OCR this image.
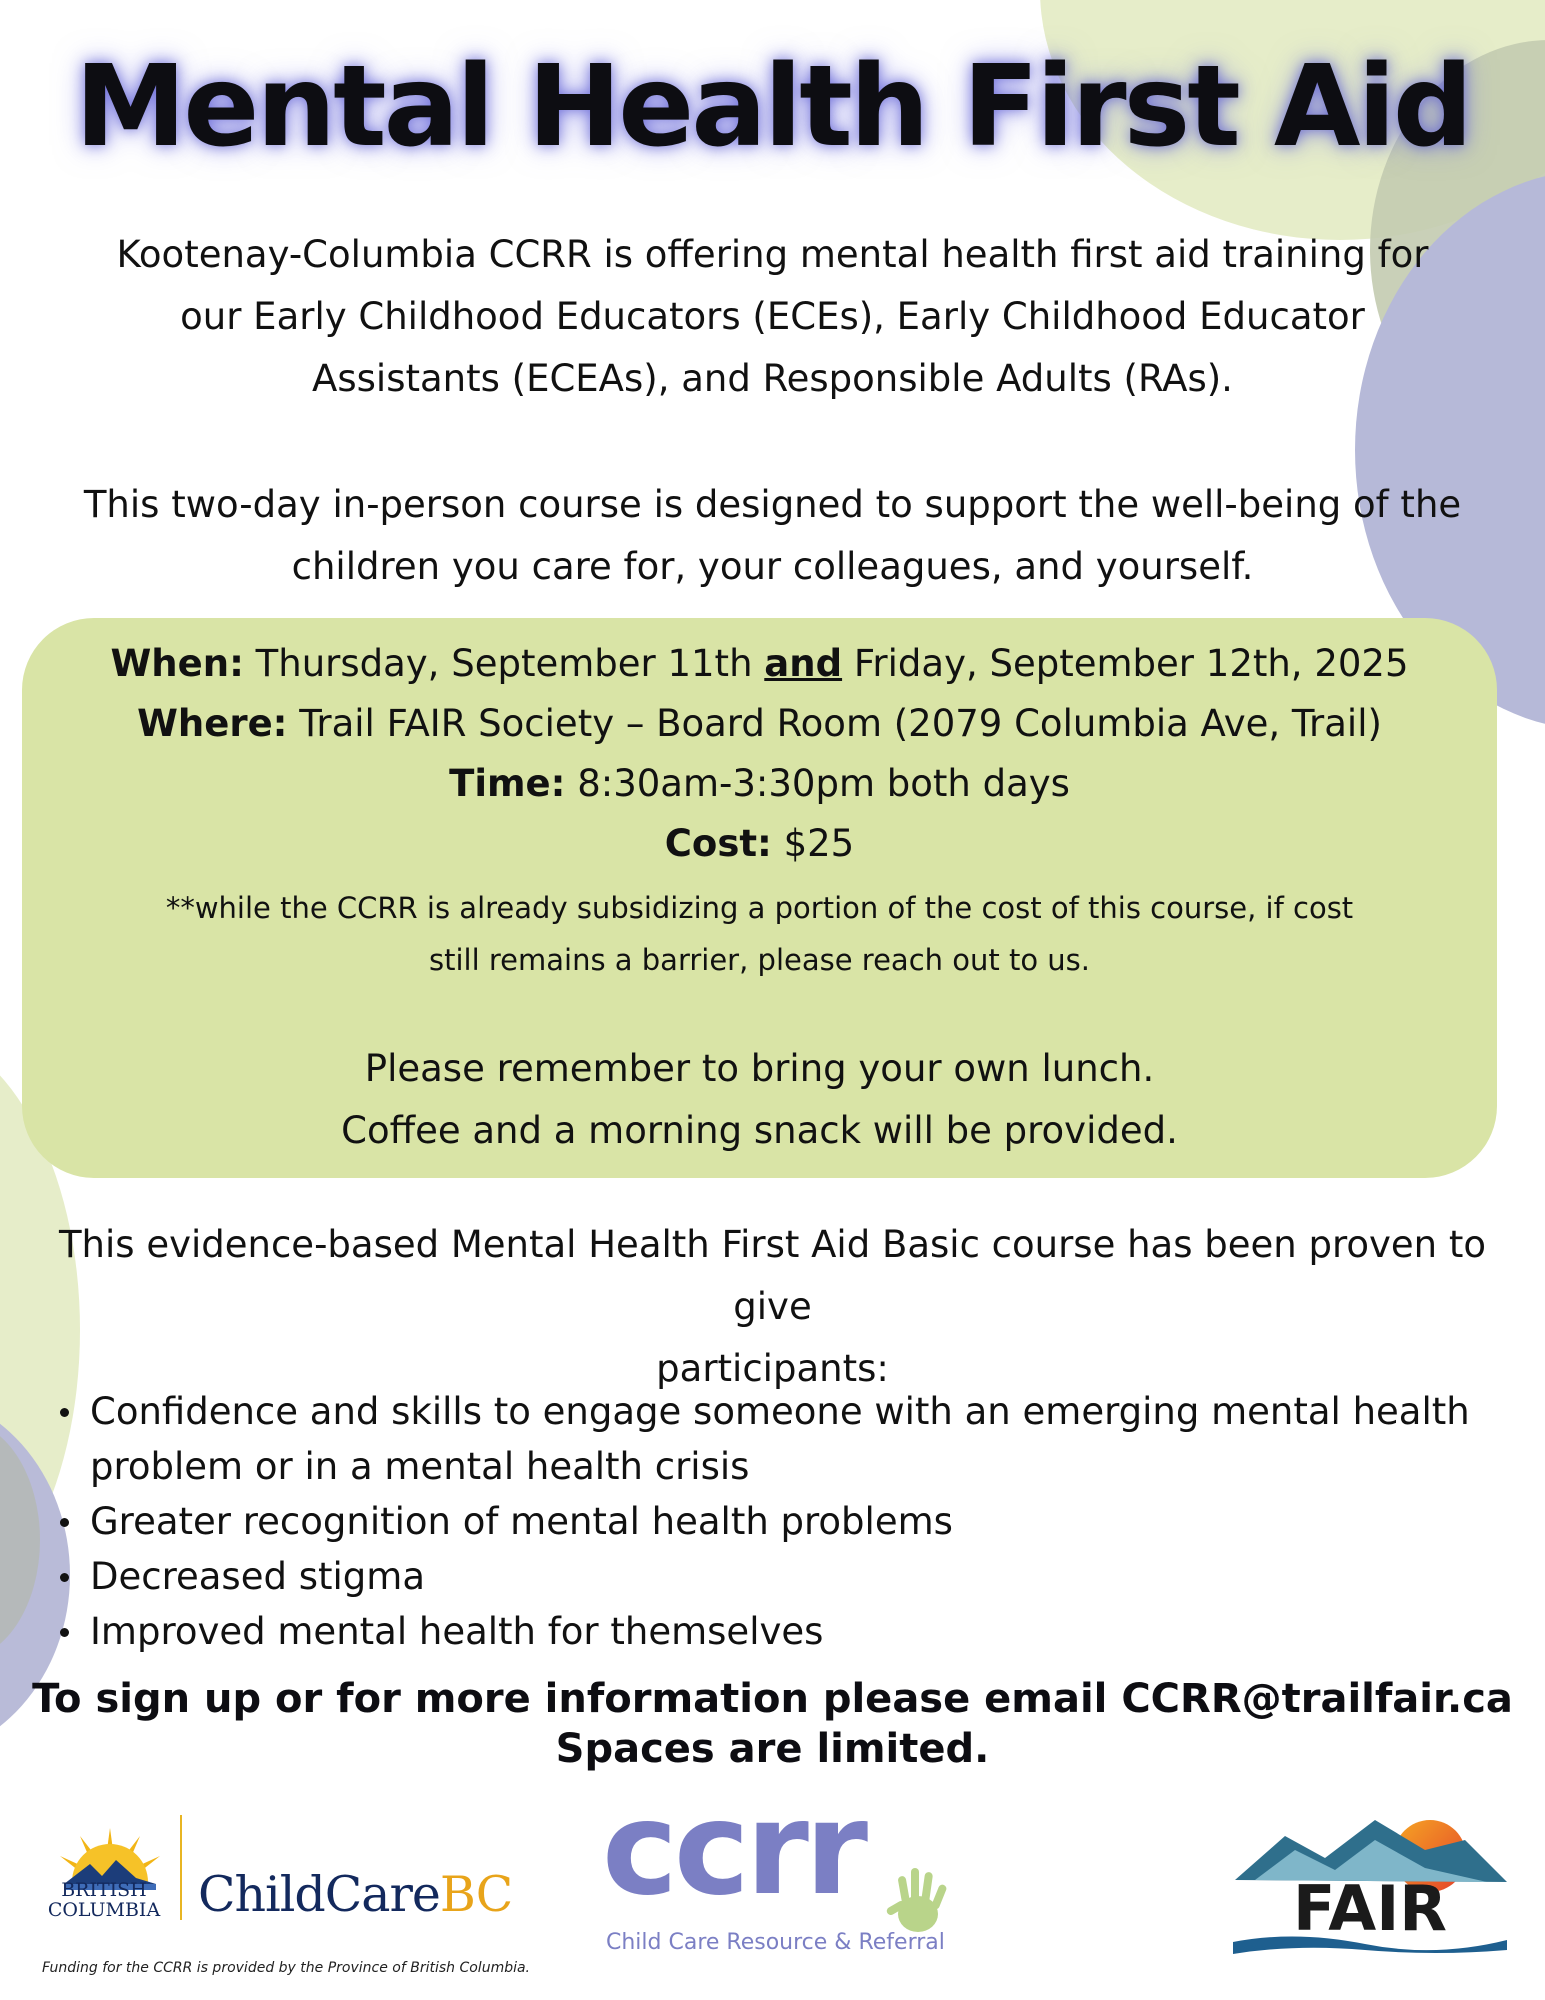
Mental Health First Aid
Kootenay-Columbia CCRR is offering mental health first aid training for
our Early Childhood Educators (ECEs), Early Childhood Educator
Assistants (ECEAs), and Responsible Adults (RAs).
This two-day in-person course is designed to support the well-being of the
children you care for, your colleagues, and yourself.

When: Thursday, September 11th and Friday, September 12th, 2025

Where: Trail FAIR Society – Board Room (2079 Columbia Ave, Trail)

Time: 8:30am-3:30pm both days

Cost: $25

**while the CCRR is already subsidizing a portion of the cost of this course, if cost
still remains a barrier, please reach out to us.
Please remember to bring your own lunch.
Coffee and a morning snack will be provided.
This evidence-based Mental Health First Aid Basic course has been proven to give
participants:
Confidence and skills to engage someone with an emerging mental health
problem or in a mental health crisis
Greater recognition of mental health problems
Decreased stigma
Improved mental health for themselves

To sign up or for more information please email CCRR@trailfair.ca

Spaces are limited.

BRITISH
COLUMBIA ChildCareBC
Funding for the CCRR is provided by the Province of British Columbia.
ccrr
Child Care Resource & Referral	FAIR
